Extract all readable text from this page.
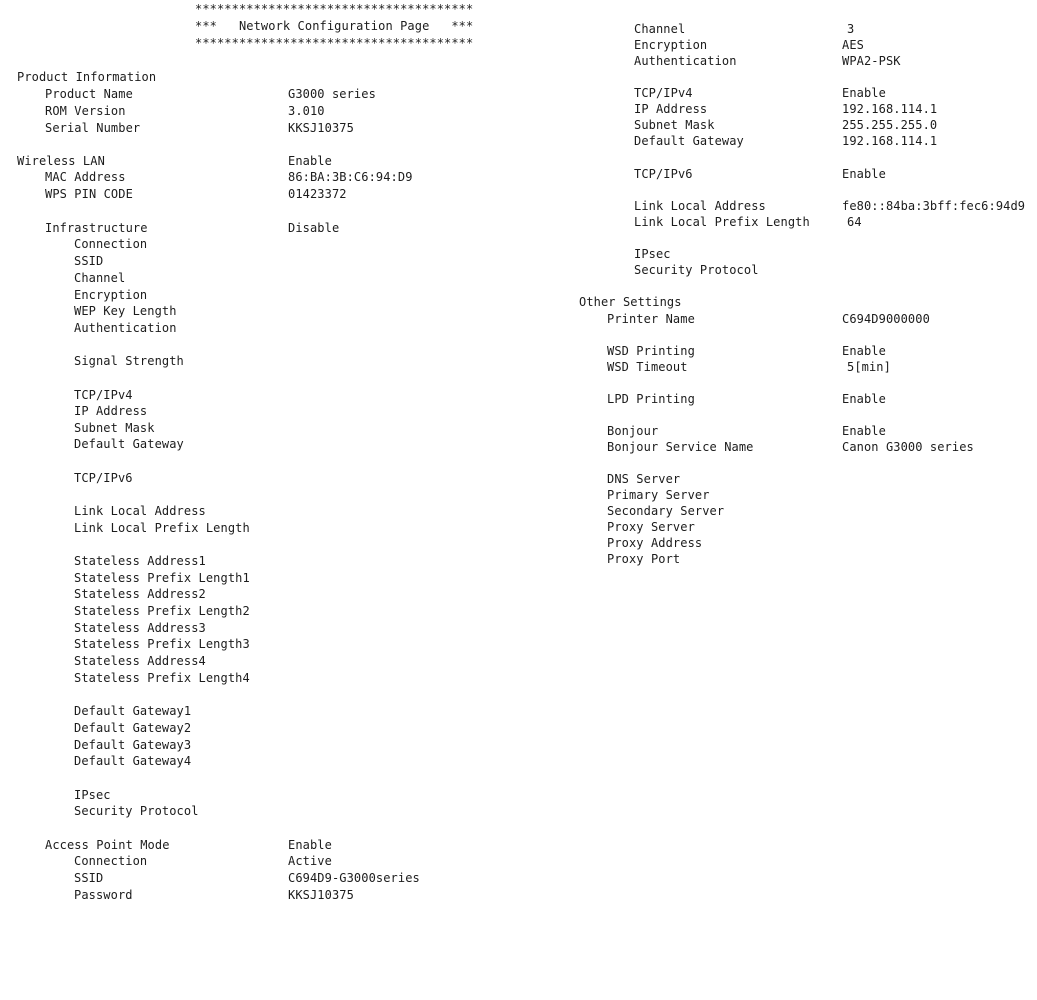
**************************************
***   Network Configuration Page   ***
**************************************
Product Information
Product Name	G3000 series
ROM Version	3.010
Serial Number	KKSJ10375
Wireless LAN	Enable
MAC Address	86:BA:3B:C6:94:D9
WPS PIN CODE	01423372
Infrastructure	Disable
Connection
SSID
Channel
Encryption
WEP Key Length
Authentication
Signal Strength
TCP/IPv4
IP Address
Subnet Mask
Default Gateway
TCP/IPv6
Link Local Address
Link Local Prefix Length
Stateless Address1
Stateless Prefix Length1
Stateless Address2
Stateless Prefix Length2
Stateless Address3
Stateless Prefix Length3
Stateless Address4
Stateless Prefix Length4
Default Gateway1
Default Gateway2
Default Gateway3
Default Gateway4
IPsec
Security Protocol
Access Point Mode	Enable
Connection	Active
SSID	C694D9-G3000series
Password	KKSJ10375
Channel	3
Encryption	AES
Authentication	WPA2-PSK
TCP/IPv4	Enable
IP Address	192.168.114.1
Subnet Mask	255.255.255.0
Default Gateway	192.168.114.1
TCP/IPv6	Enable
Link Local Address	fe80::84ba:3bff:fec6:94d9
Link Local Prefix Length	64
IPsec
Security Protocol
Other Settings
Printer Name	C694D9000000
WSD Printing	Enable
WSD Timeout	5[min]
LPD Printing	Enable
Bonjour	Enable
Bonjour Service Name	Canon G3000 series
DNS Server
Primary Server
Secondary Server
Proxy Server
Proxy Address
Proxy Port
